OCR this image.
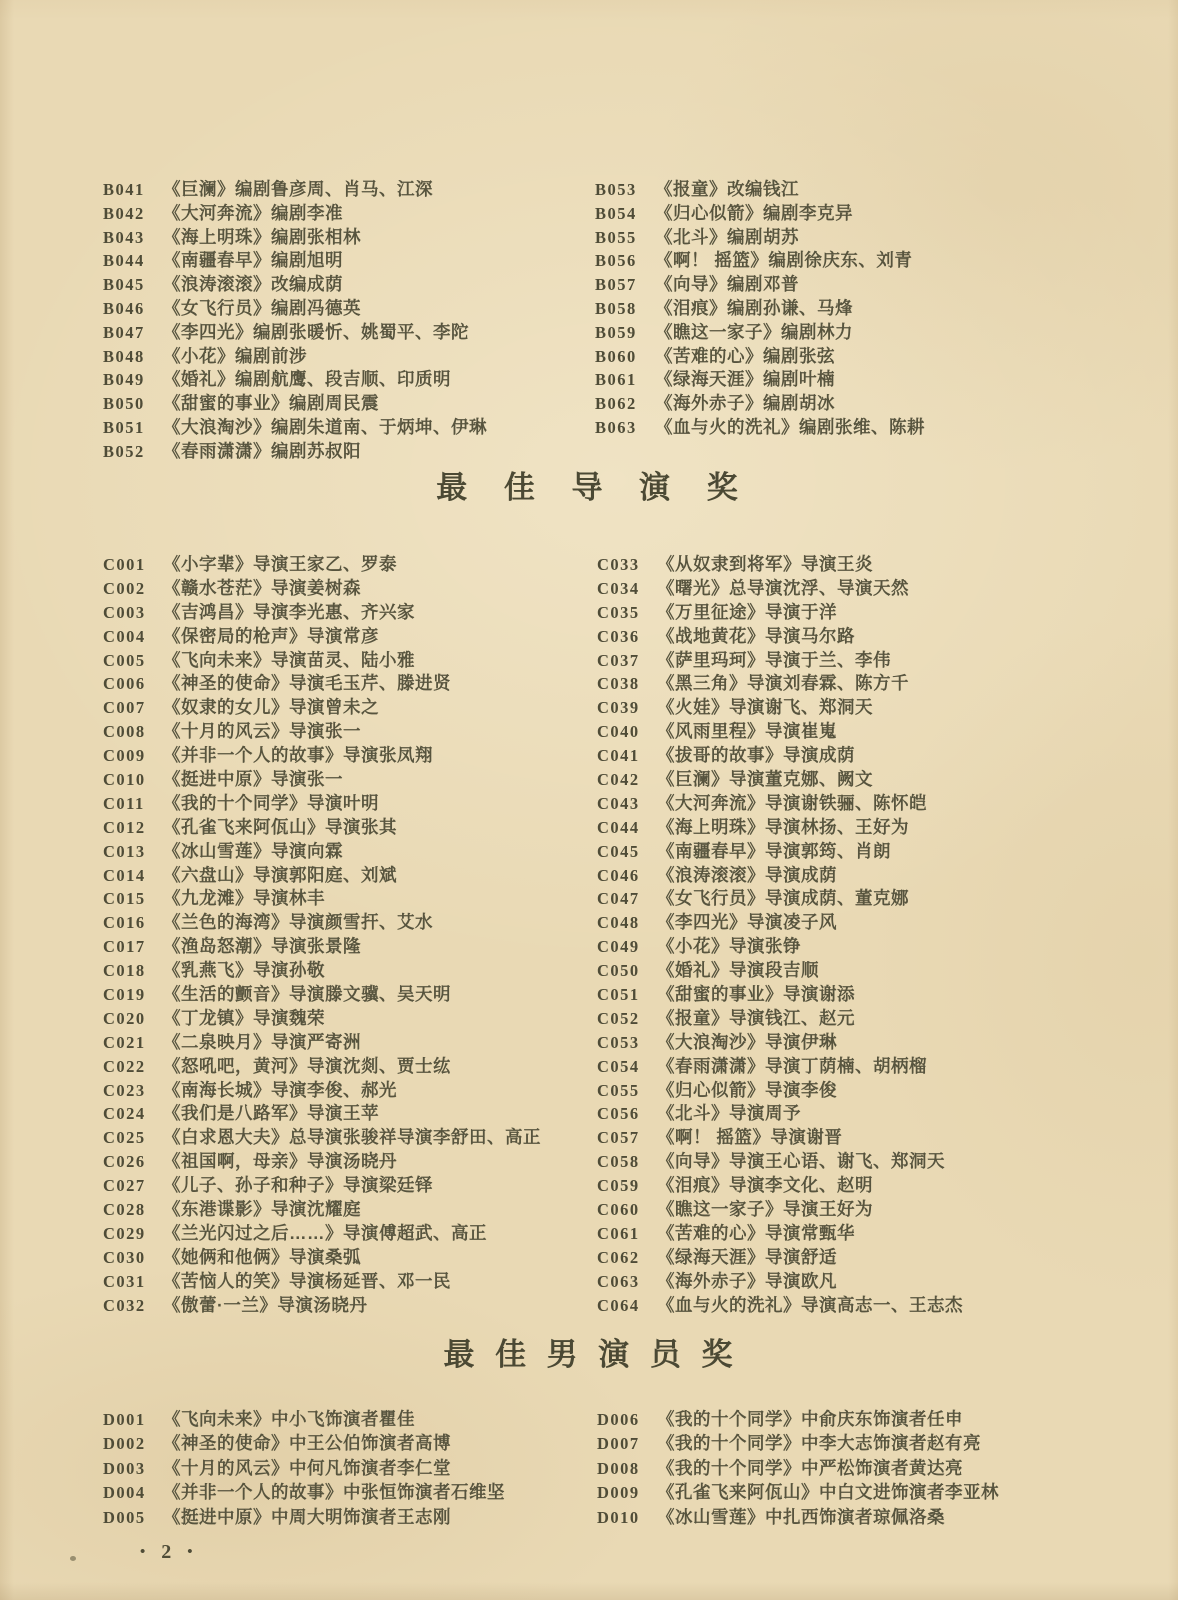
B041	《巨澜》编剧鲁彦周、肖马、江深
B042	《大河奔流》编剧李准
B043	《海上明珠》编剧张相林
B044	《南疆春早》编剧旭明
B045	《浪涛滚滚》改编成荫
B046	《女飞行员》编剧冯德英
B047	《李四光》编剧张暖忻、姚蜀平、李陀
B048	《小花》编剧前涉
B049	《婚礼》编剧航鹰、段吉顺、印质明
B050	《甜蜜的事业》编剧周民震
B051	《大浪淘沙》编剧朱道南、于炳坤、伊琳
B052	《春雨潇潇》编剧苏叔阳
B053	《报童》改编钱江
B054	《归心似箭》编剧李克异
B055	《北斗》编剧胡苏
B056	《啊！ 摇篮》编剧徐庆东、刘青
B057	《向导》编剧邓普
B058	《泪痕》编剧孙谦、马烽
B059	《瞧这一家子》编剧林力
B060	《苦难的心》编剧张弦
B061	《绿海天涯》编剧叶楠
B062	《海外赤子》编剧胡冰
B063	《血与火的洗礼》编剧张维、陈耕
最 佳 导 演 奖
C001 《小字辈》导演王家乙、罗泰
C002 《赣水苍茫》导演姜树森
C003 《吉鸿昌》导演李光惠、齐兴家
C004 《保密局的枪声》导演常彦
C005 《飞向未来》导演苗灵、陆小雅
C006 《神圣的使命》导演毛玉芹、滕进贤
C007 《奴隶的女儿》导演曾未之
C008 《十月的风云》导演张一
C009 《并非一个人的故事》导演张凤翔
C010 《挺进中原》导演张一
C011	《我的十个同学》导演叶明
C012 《孔雀飞来阿佤山》导演张其
C013 《冰山雪莲》导演向霖
C014 《六盘山》导演郭阳庭、刘斌
C015 《九龙滩》导演林丰
C016 《兰色的海湾》导演颜雪扞、艾水
C017 《渔岛怒潮》导演张景隆
C018 《乳燕飞》导演孙敬
C019 《生活的颤音》导演滕文骥、吴天明
C020 《丁龙镇》导演魏荣
C021 《二泉映月》导演严寄洲
C022 《怒吼吧，黄河》导演沈剡、贾士纮
C023 《南海长城》导演李俊、郝光
C024 《我们是八路军》导演王苹
C025 《白求恩大夫》总导演张骏祥导演李舒田、高正
C026 《祖国啊，母亲》导演汤晓丹
C027 《儿子、孙子和种子》导演梁廷铎
C028 《东港谍影》导演沈耀庭
C029 《兰光闪过之后……》导演傅超武、高正
C030 《她俩和他俩》导演桑弧
C031 《苦恼人的笑》导演杨延晋、邓一民
C032 《傲蕾·一兰》导演汤晓丹
C033 《从奴隶到将军》导演王炎
C034 《曙光》总导演沈浮、导演天然
C035 《万里征途》导演于洋
C036 《战地黄花》导演马尔路
C037 《萨里玛珂》导演于兰、李伟
C038 《黑三角》导演刘春霖、陈方千
C039 《火娃》导演谢飞、郑洞天
C040 《风雨里程》导演崔嵬
C041 《拔哥的故事》导演成荫
C042 《巨澜》导演董克娜、阙文
C043 《大河奔流》导演谢铁骊、陈怀皑
C044 《海上明珠》导演林扬、王好为
C045 《南疆春早》导演郭筠、肖朗
C046 《浪涛滚滚》导演成荫
C047 《女飞行员》导演成荫、董克娜
C048 《李四光》导演凌子风
C049 《小花》导演张铮
C050 《婚礼》导演段吉顺
C051 《甜蜜的事业》导演谢添
C052 《报童》导演钱江、赵元
C053 《大浪淘沙》导演伊琳
C054 《春雨潇潇》导演丁荫楠、胡柄榴
C055 《归心似箭》导演李俊
C056 《北斗》导演周予
C057 《啊！ 摇篮》导演谢晋
C058 《向导》导演王心语、谢飞、郑洞天
C059 《泪痕》导演李文化、赵明
C060 《瞧这一家子》导演王好为
C061 《苦难的心》导演常甄华
C062 《绿海天涯》导演舒适
C063 《海外赤子》导演欧凡
C064 《血与火的洗礼》导演高志一、王志杰
最 佳 男 演 员 奖
D001 《飞向未来》中小飞饰演者瞿佳
D002 《神圣的使命》中王公伯饰演者高博
D003 《十月的风云》中何凡饰演者李仁堂
D004 《并非一个人的故事》中张恒饰演者石维坚
D005 《挺进中原》中周大明饰演者王志刚
D006 《我的十个同学》中俞庆东饰演者任申
D007 《我的十个同学》中李大志饰演者赵有亮
D008 《我的十个同学》中严松饰演者黄达亮
D009 《孔雀飞来阿佤山》中白文进饰演者李亚林
D010 《冰山雪莲》中扎西饰演者琼佩洛桑
• 2 •
